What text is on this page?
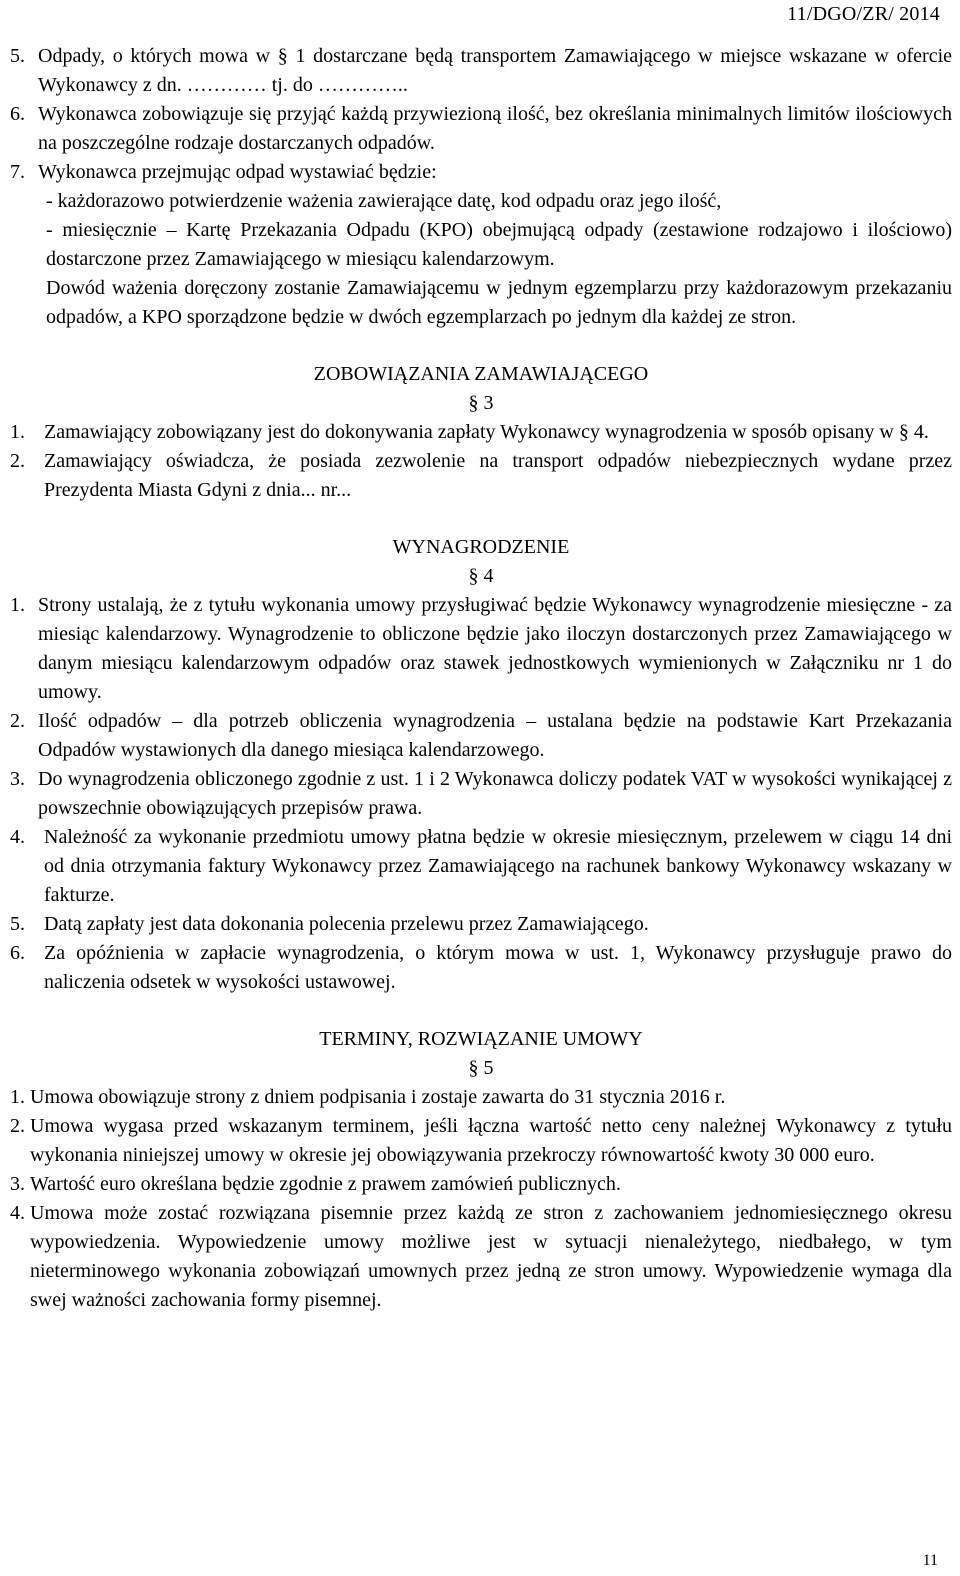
11/DGO/ZR/ 2014
5. Odpady, o których mowa w § 1 dostarczane będą transportem Zamawiającego w miejsce wskazane w ofercie Wykonawcy z dn. ………… tj. do …………..
6. Wykonawca zobowiązuje się przyjąć każdą przywiezioną ilość, bez określania minimalnych limitów ilościowych na poszczególne rodzaje dostarczanych odpadów.
7. Wykonawca przejmując odpad wystawiać będzie:
- każdorazowo potwierdzenie ważenia zawierające datę, kod odpadu oraz jego ilość,
- miesięcznie – Kartę Przekazania Odpadu (KPO) obejmującą odpady (zestawione rodzajowo i ilościowo) dostarczone przez Zamawiającego w miesiącu kalendarzowym.
Dowód ważenia doręczony zostanie Zamawiającemu w jednym egzemplarzu przy każdorazowym przekazaniu odpadów, a KPO sporządzone będzie w dwóch egzemplarzach po jednym dla każdej ze stron.
ZOBOWIĄZANIA ZAMAWIAJĄCEGO
§ 3
1. Zamawiający zobowiązany jest do dokonywania zapłaty Wykonawcy wynagrodzenia w sposób opisany w § 4.
2. Zamawiający oświadcza, że posiada zezwolenie na transport odpadów niebezpiecznych wydane przez Prezydenta Miasta Gdyni z dnia... nr...
WYNAGRODZENIE
§ 4
1. Strony ustalają, że z tytułu wykonania umowy przysługiwać będzie Wykonawcy wynagrodzenie miesięczne - za miesiąc kalendarzowy. Wynagrodzenie to obliczone będzie jako iloczyn dostarczonych przez Zamawiającego w danym miesiącu kalendarzowym odpadów oraz stawek jednostkowych wymienionych w Załączniku nr 1 do umowy.
2. Ilość odpadów – dla potrzeb obliczenia wynagrodzenia – ustalana będzie na podstawie Kart Przekazania Odpadów wystawionych dla danego miesiąca kalendarzowego.
3. Do wynagrodzenia obliczonego zgodnie z ust. 1 i 2 Wykonawca doliczy podatek VAT w wysokości wynikającej z powszechnie obowiązujących przepisów prawa.
4. Należność za wykonanie przedmiotu umowy płatna będzie w okresie miesięcznym, przelewem w ciągu 14 dni od dnia otrzymania faktury Wykonawcy przez Zamawiającego na rachunek bankowy Wykonawcy wskazany w fakturze.
5. Datą zapłaty jest data dokonania polecenia przelewu przez Zamawiającego.
6. Za opóźnienia w zapłacie wynagrodzenia, o którym mowa w ust. 1, Wykonawcy przysługuje prawo do naliczenia odsetek w wysokości ustawowej.
TERMINY, ROZWIĄZANIE UMOWY
§ 5
1. Umowa obowiązuje strony z dniem podpisania i zostaje zawarta do 31 stycznia 2016 r.
2. Umowa wygasa przed wskazanym terminem, jeśli łączna wartość netto ceny należnej Wykonawcy z tytułu wykonania niniejszej umowy w okresie jej obowiązywania przekroczy równowartość kwoty 30 000 euro.
3. Wartość euro określana będzie zgodnie z prawem zamówień publicznych.
4. Umowa może zostać rozwiązana pisemnie przez każdą ze stron z zachowaniem jednomiesięcznego okresu wypowiedzenia. Wypowiedzenie umowy możliwe jest w sytuacji nienależytego, niedbałego, w tym nieterminowego wykonania zobowiązań umownych przez jedną ze stron umowy. Wypowiedzenie wymaga dla swej ważności zachowania formy pisemnej.
11
